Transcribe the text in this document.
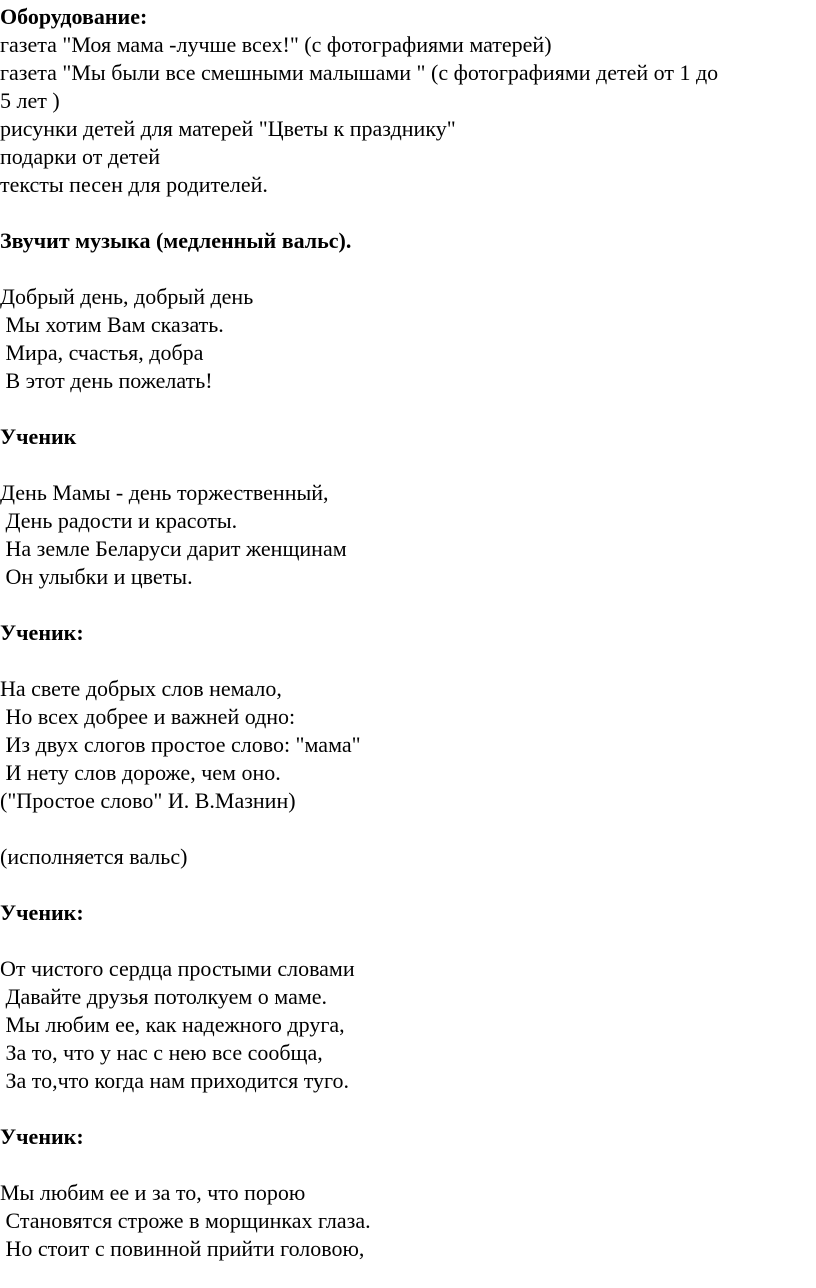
Оборудование:
газета "Моя мама -лучше всех!" (с фотографиями матерей)
газета "Мы были все смешными малышами " (с фотографиями детей от 1 до
5 лет )
рисунки детей для матерей "Цветы к празднику"
подарки от детей
тексты песен для родителей.
Звучит музыка (медленный вальс).
Добрый день, добрый день
Мы хотим Вам сказать.
Мира, счастья, добра
В этот день пожелать!
Ученик
День Мамы - день торжественный,
День радости и красоты.
На земле Беларуси дарит женщинам
Он улыбки и цветы.
Ученик:
На свете добрых слов немало,
Но всех добрее и важней одно:
Из двух слогов простое слово: "мама"
И нету слов дороже, чем оно.
("Простое слово" И. В.Мазнин)
(исполняется вальс)
Ученик:
От чистого сердца простыми словами
Давайте друзья потолкуем о маме.
Мы любим ее, как надежного друга,
За то, что у нас с нею все сообща,
За то,что когда нам приходится туго.
Ученик:
Мы любим ее и за то, что порою
Становятся строже в морщинках глаза.
Но стоит с повинной прийти головою,
